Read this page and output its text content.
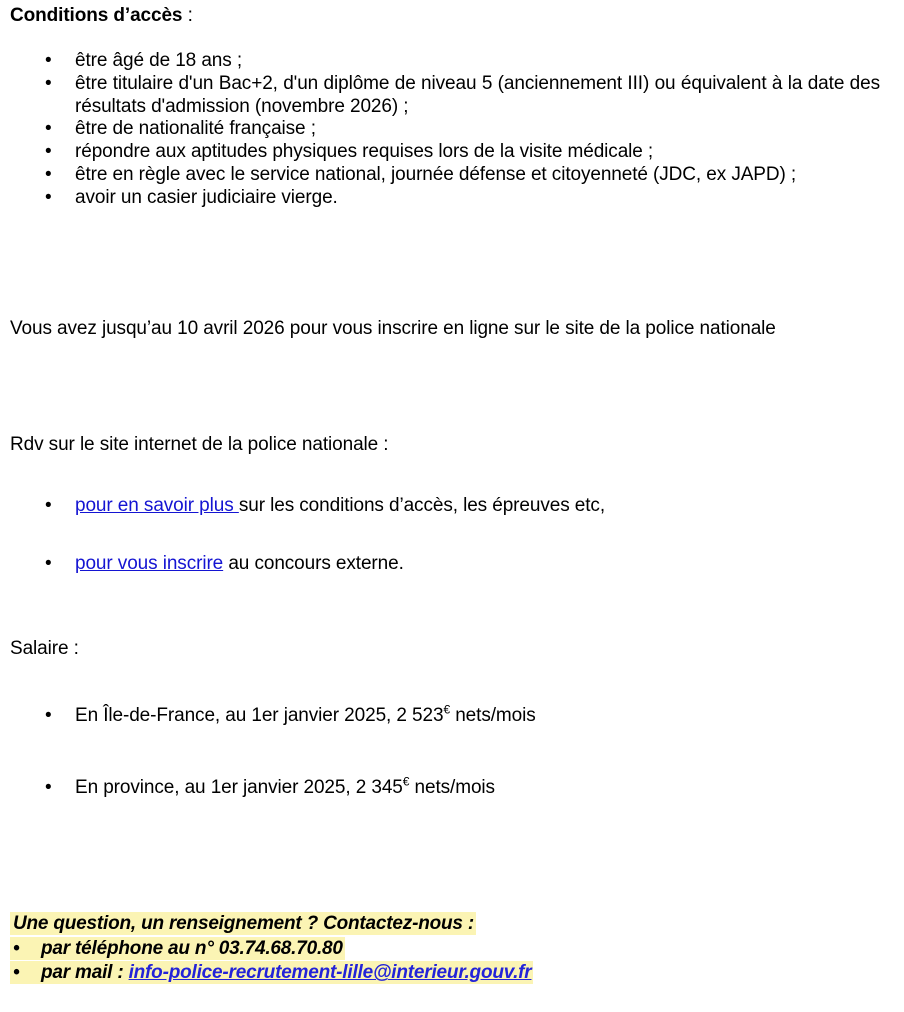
Conditions d’accès :
•	être âgé de 18 ans ;
•	être titulaire d'un Bac+2, d'un diplôme de niveau 5 (anciennement III) ou équivalent à la date des résultats d'admission (novembre 2026) ;
•	être de nationalité française ;
•	répondre aux aptitudes physiques requises lors de la visite médicale ;
•	être en règle avec le service national, journée défense et citoyenneté (JDC, ex JAPD) ;
•	avoir un casier judiciaire vierge.
Vous avez jusqu’au 10 avril 2026 pour vous inscrire en ligne sur le site de la police nationale
Rdv sur le site internet de la police nationale :
•	pour en savoir plus sur les conditions d’accès, les épreuves etc,
•	pour vous inscrire au concours externe.
Salaire :
•	En Île-de-France, au 1er janvier 2025, 2 523€ nets/mois
•	En province, au 1er janvier 2025, 2 345€ nets/mois
Une question, un renseignement ? Contactez-nous :
• par téléphone au n° 03.74.68.70.80
• par mail : info-police-recrutement-lille@interieur.gouv.fr
